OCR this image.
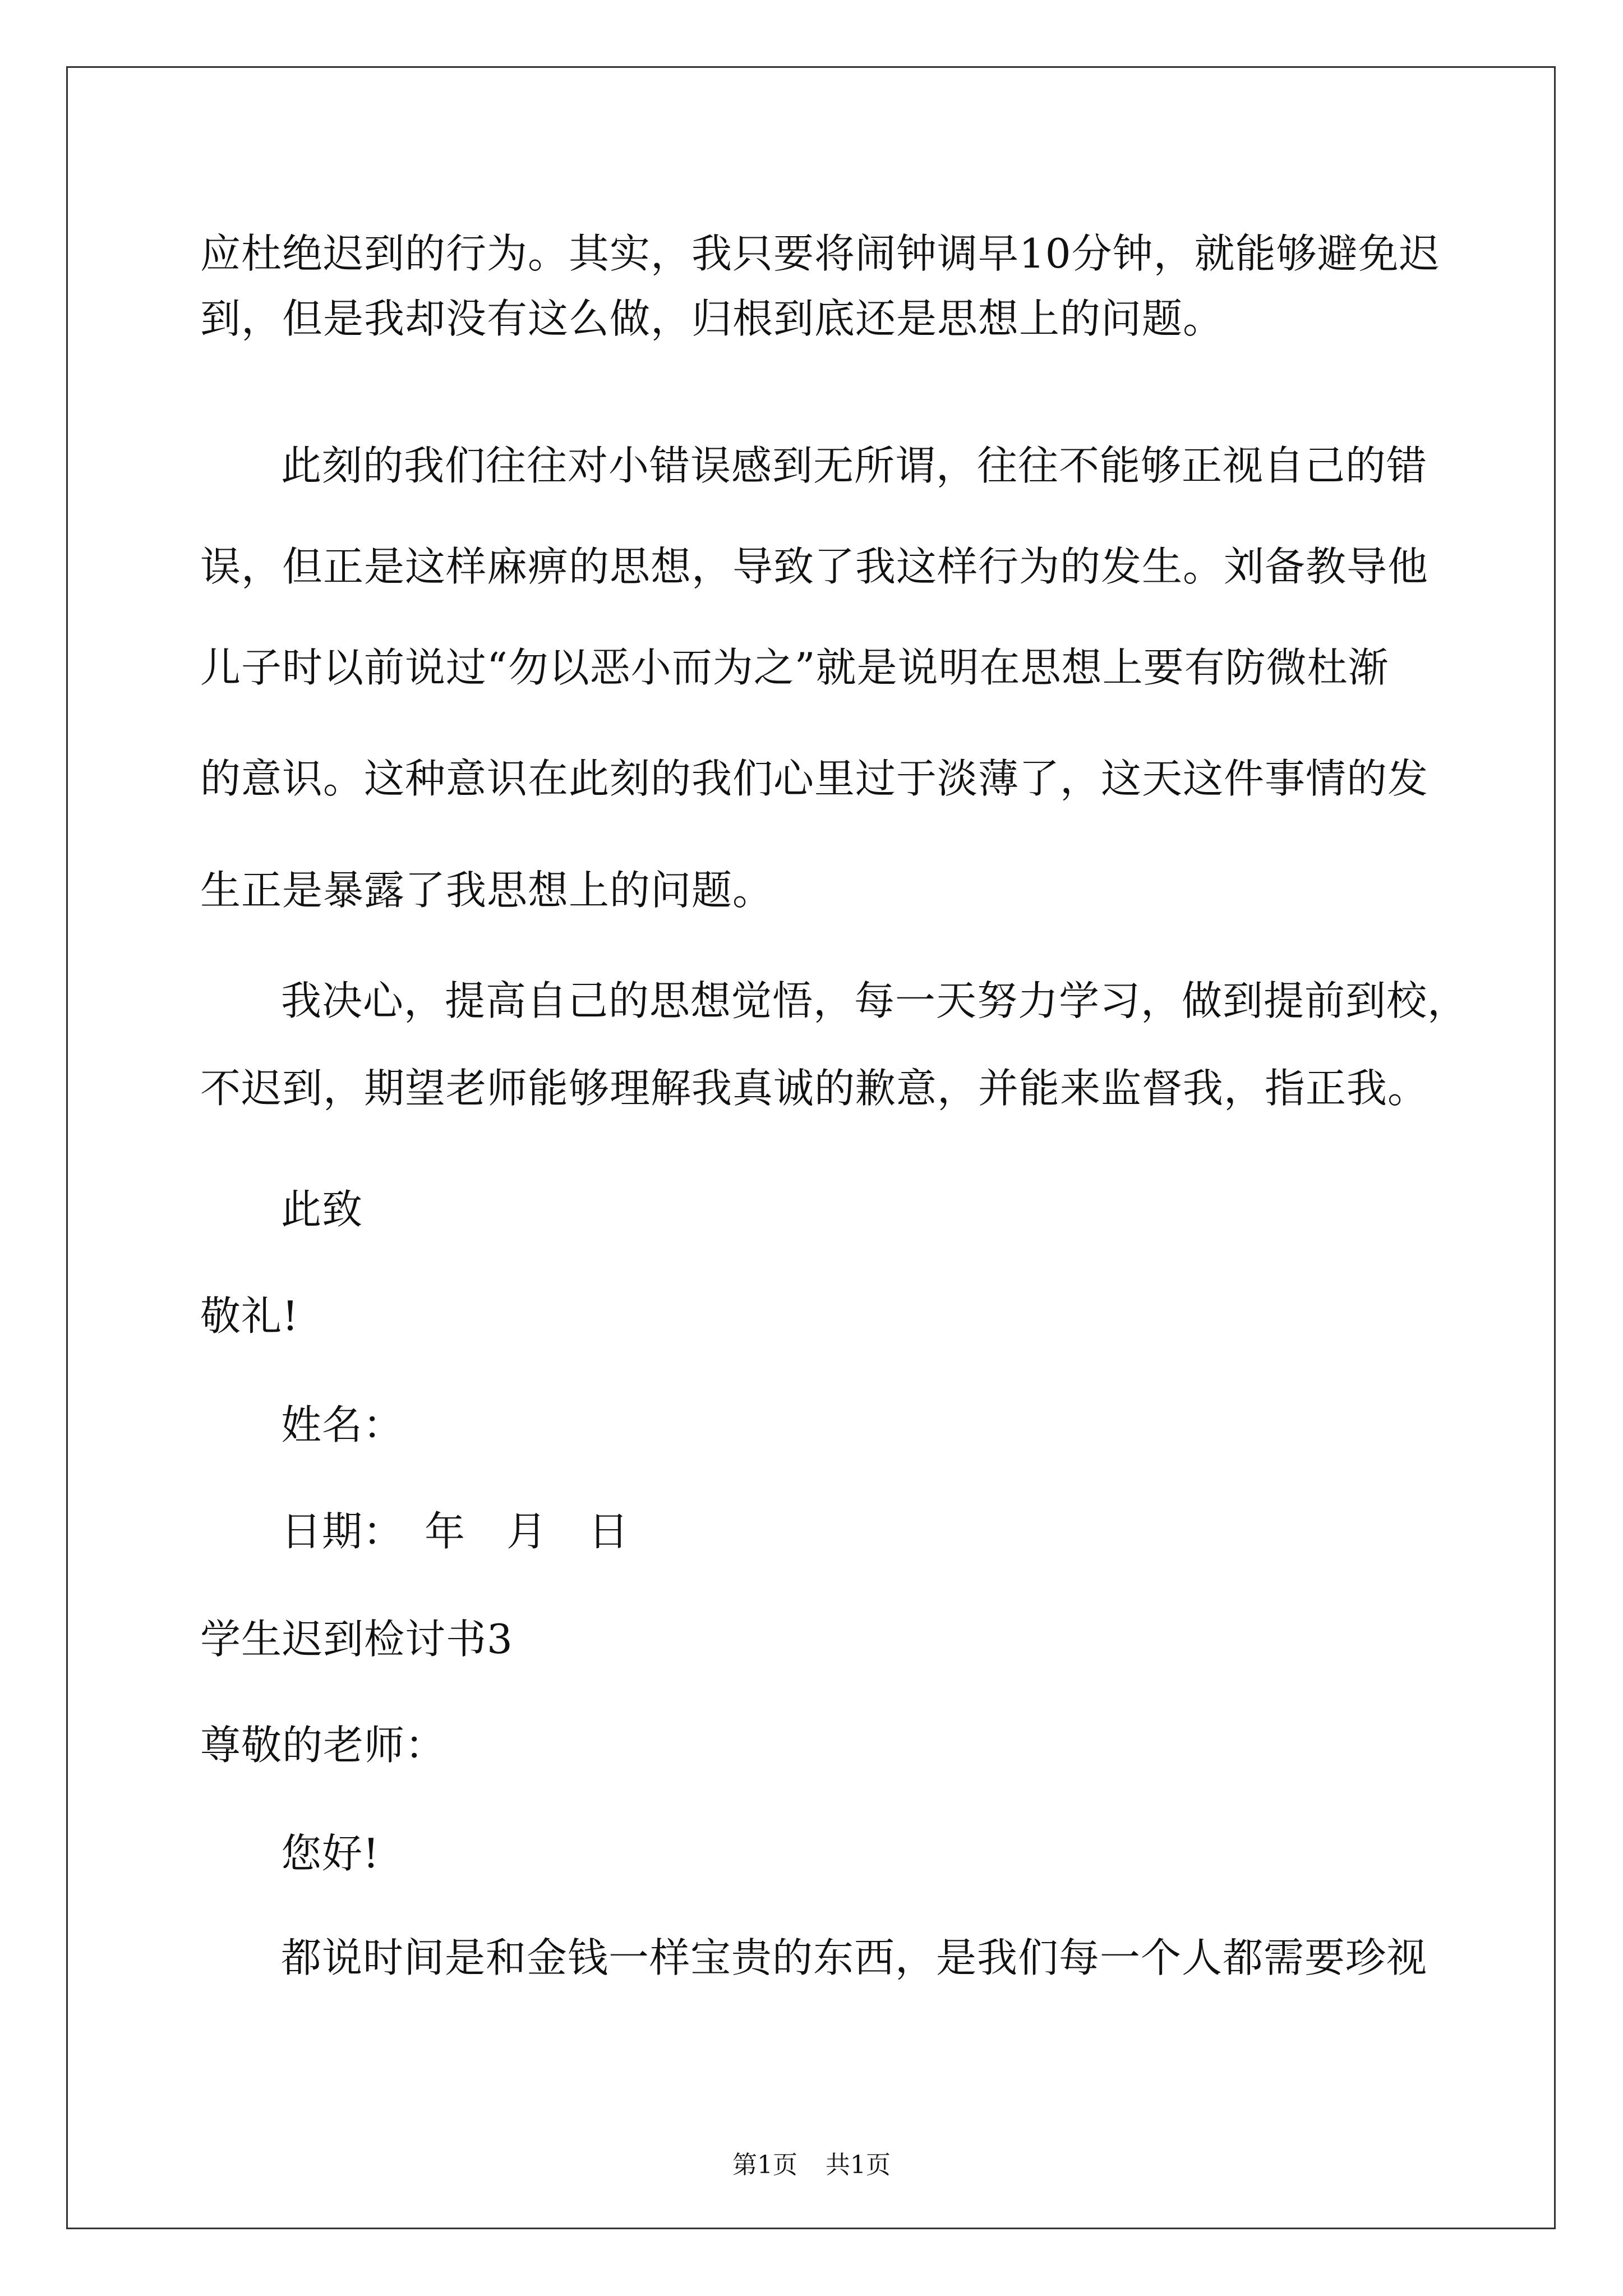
应杜绝迟到的行为。其实，我只要将闹钟调早10分钟，就能够避免迟
到，但是我却没有这么做，归根到底还是思想上的问题。
此刻的我们往往对小错误感到无所谓，往往不能够正视自己的错
误，但正是这样麻痹的思想，导致了我这样行为的发生。刘备教导他
儿子时以前说过“勿以恶小而为之”就是说明在思想上要有防微杜渐
的意识。这种意识在此刻的我们心里过于淡薄了，这天这件事情的发
生正是暴露了我思想上的问题。
我决心，提高自己的思想觉悟，每一天努力学习，做到提前到校，
不迟到，期望老师能够理解我真诚的歉意，并能来监督我，指正我。
此致
敬礼!
姓名：
日期：　年　月　日
学生迟到检讨书3
尊敬的老师：
您好!
都说时间是和金钱一样宝贵的东西，是我们每一个人都需要珍视
第1页 共1页
